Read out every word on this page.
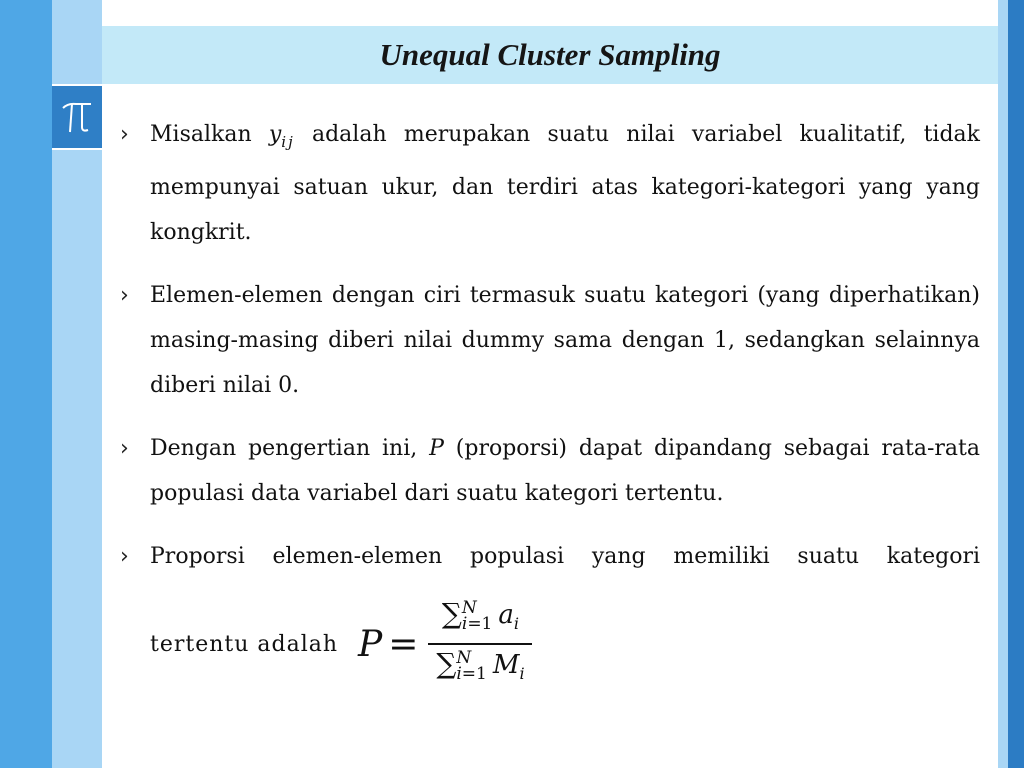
Unequal Cluster Sampling
› Misalkan $y_{ij}$ adalah merupakan suatu nilai variabel kualitatif, tidak mempunyai satuan ukur, dan terdiri atas kategori-kategori yang yang kongkrit.
› Elemen-elemen dengan ciri termasuk suatu kategori (yang diperhatikan) masing-masing diberi nilai dummy sama dengan 1, sedangkan selainnya diberi nilai 0.
› Dengan pengertian ini, P (proporsi) dapat dipandang sebagai rata-rata populasi data variabel dari suatu kategori tertentu.
› Proporsi elemen-elemen populasi yang memiliki suatu kategori
tertentu adalah P = ∑ N
i=1 $a_i$
∑ N
i=1 $M_i$
